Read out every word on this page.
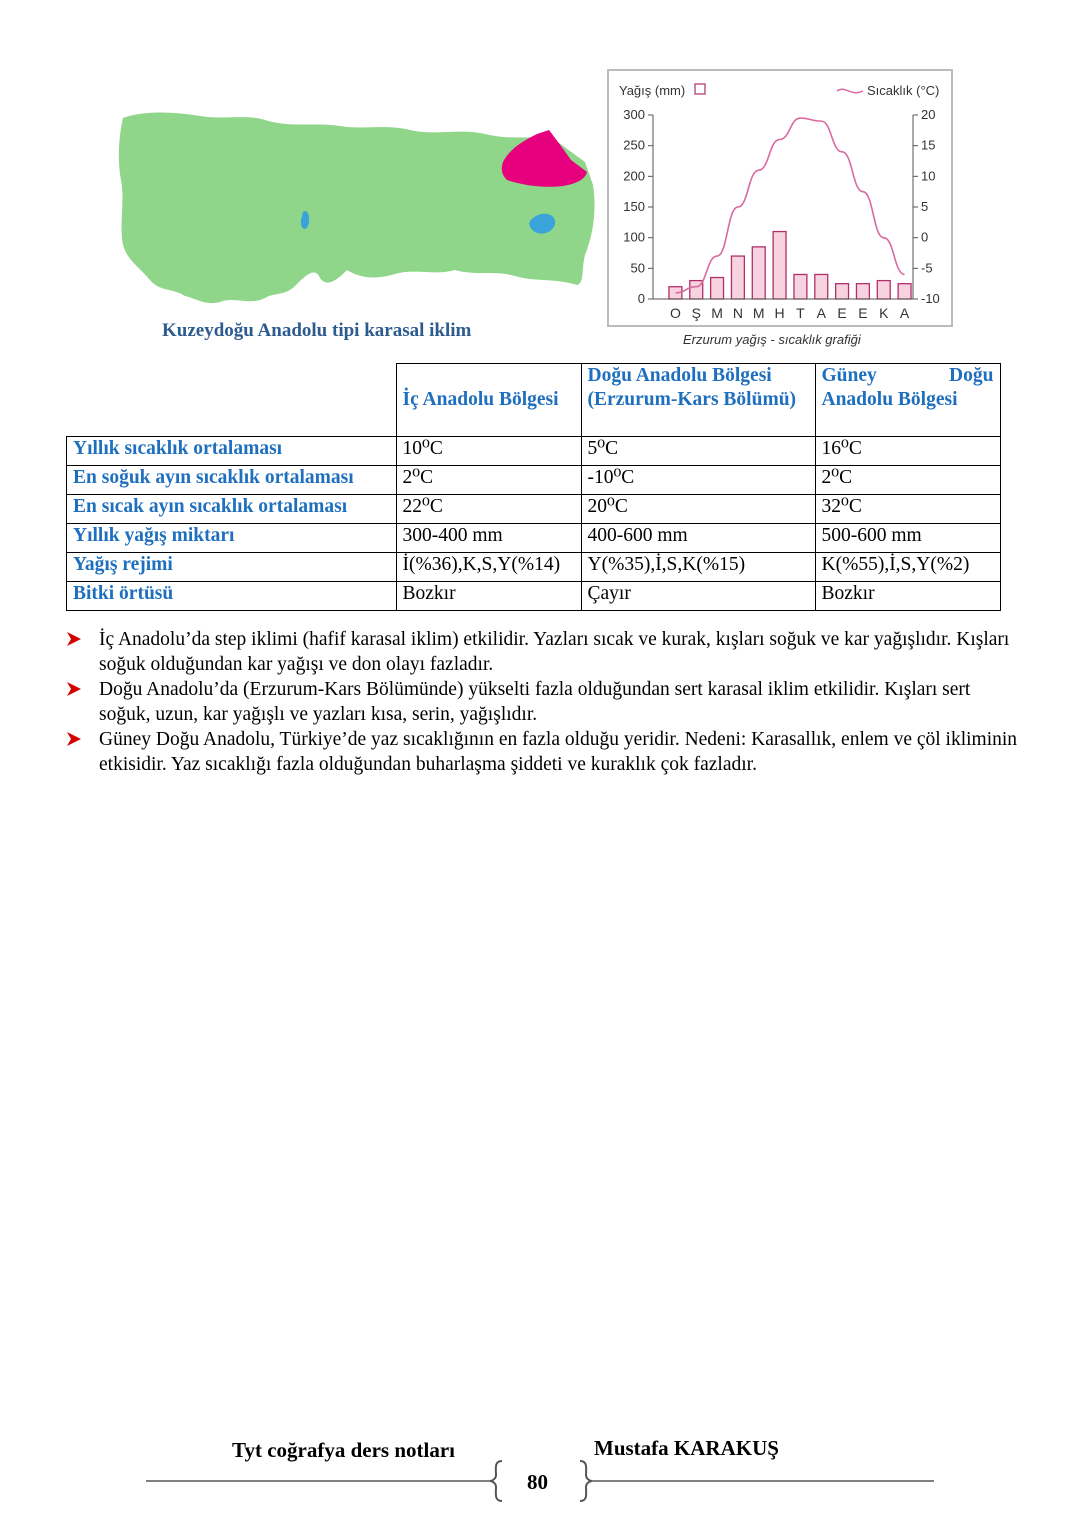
Kuzeydoğu Anadolu tipi karasal iklim
Yağış (mm)	Sıcaklık (°C)
300
250
200
150
100
50
0
20
15
10
5
0
-5
-10
O Ş M N M H T A E E K A
Erzurum yağış - sıcaklık grafiği
	İç Anadolu Bölgesi	Doğu Anadolu Bölgesi (Erzurum-Kars Bölümü)	Güney Doğu Anadolu Bölgesi
Yıllık sıcaklık ortalaması	10⁰C	5⁰C	16⁰C
En soğuk ayın sıcaklık ortalaması	2⁰C	-10⁰C	2⁰C
En sıcak ayın sıcaklık ortalaması	22⁰C	20⁰C	32⁰C
Yıllık yağış miktarı	300-400 mm	400-600 mm	500-600 mm
Yağış rejimi	İ(%36),K,S,Y(%14)	Y(%35),İ,S,K(%15)	K(%55),İ,S,Y(%2)
Bitki örtüsü	Bozkır	Çayır	Bozkır

İç Anadolu’da step iklimi (hafif karasal iklim) etkilidir. Yazları sıcak ve kurak, kışları soğuk ve kar yağışlıdır. Kışları soğuk olduğundan kar yağışı ve don olayı fazladır.

Doğu Anadolu’da (Erzurum-Kars Bölümünde) yükselti fazla olduğundan sert karasal iklim etkilidir. Kışları sert soğuk, uzun, kar yağışlı ve yazları kısa, serin, yağışlıdır.

Güney Doğu Anadolu, Türkiye’de yaz sıcaklığının en fazla olduğu yeridir. Nedeni: Karasallık, enlem ve çöl ikliminin etkisidir. Yaz sıcaklığı fazla olduğundan buharlaşma şiddeti ve kuraklık çok fazladır.

Tyt coğrafya ders notları	Mustafa KARAKUŞ
80
